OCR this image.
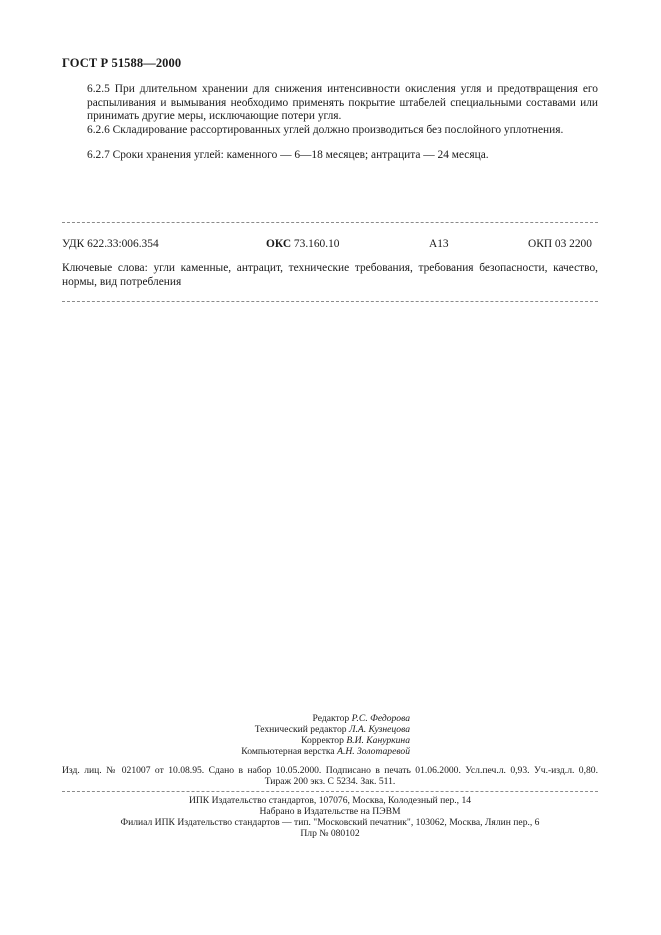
ГОСТ Р 51588—2000
6.2.5 При длительном хранении для снижения интенсивности окисления угля и предотвращения его распыливания и вымывания необходимо применять покрытие штабелей специальными составами или принимать другие меры, исключающие потери угля.
6.2.6 Складирование рассортированных углей должно производиться без послойного уплотнения.
6.2.7 Сроки хранения углей: каменного — 6—18 месяцев; антрацита — 24 месяца.
УДК 622.33:006.354	ОКС 73.160.10	А13	ОКП 03 2200
Ключевые слова: угли каменные, антрацит, технические требования, требования безопасности, качество, нормы, вид потребления
Редактор Р.С. Федорова
Технический редактор Л.А. Кузнецова
Корректор В.И. Кануркина
Компьютерная верстка А.Н. Золотаревой
Изд. лиц. № 021007 от 10.08.95. Сдано в набор 10.05.2000. Подписано в печать 01.06.2000. Усл.печ.л. 0,93. Уч.-изд.л. 0,80.
Тираж 200 экз. С 5234. Зак. 511.
ИПК Издательство стандартов, 107076, Москва, Колодезный пер., 14
Набрано в Издательстве на ПЭВМ
Филиал ИПК Издательство стандартов — тип. "Московский печатник", 103062, Москва, Лялин пер., 6
Плр № 080102
